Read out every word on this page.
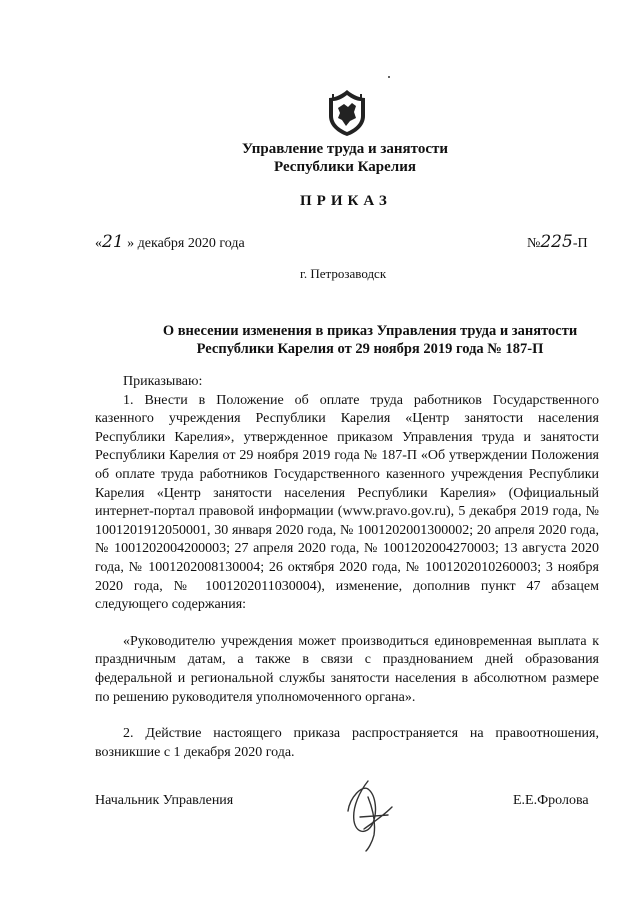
Управление труда и занятости
Республики Карелия
ПРИКАЗ
«21 » декабря 2020 года	№225-П
г. Петрозаводск
О внесении изменения в приказ Управления труда и занятости
Республики Карелия от 29 ноября 2019 года № 187-П

Приказываю:

1. Внести в Положение об оплате труда работников Государственного казенного учреждения Республики Карелия «Центр занятости населения Республики Карелия», утвержденное приказом Управления труда и занятости Республики Карелия от 29 ноября 2019 года № 187-П «Об утверждении Положения об оплате труда работников Государственного казенного учреждения Республики Карелия «Центр занятости населения Республики Карелия» (Официальный интернет-портал правовой информации (www.pravo.gov.ru), 5 декабря 2019 года, № 1001201912050001, 30 января 2020 года, № 1001202001300002; 20 апреля 2020 года, № 1001202004200003; 27 апреля 2020 года, № 1001202004270003; 13 августа 2020 года, № 1001202008130004; 26 октября 2020 года, № 1001202010260003; 3 ноября 2020 года, № 1001202011030004), изменение, дополнив пункт 47 абзацем следующего содержания:

«Руководителю учреждения может производиться единовременная выплата к праздничным датам, а также в связи с празднованием дней образования федеральной и региональной службы занятости населения в абсолютном размере по решению руководителя уполномоченного органа».

2. Действие настоящего приказа распространяется на правоотношения, возникшие с 1 декабря 2020 года.

Начальник Управления	Е.Е.Фролова
